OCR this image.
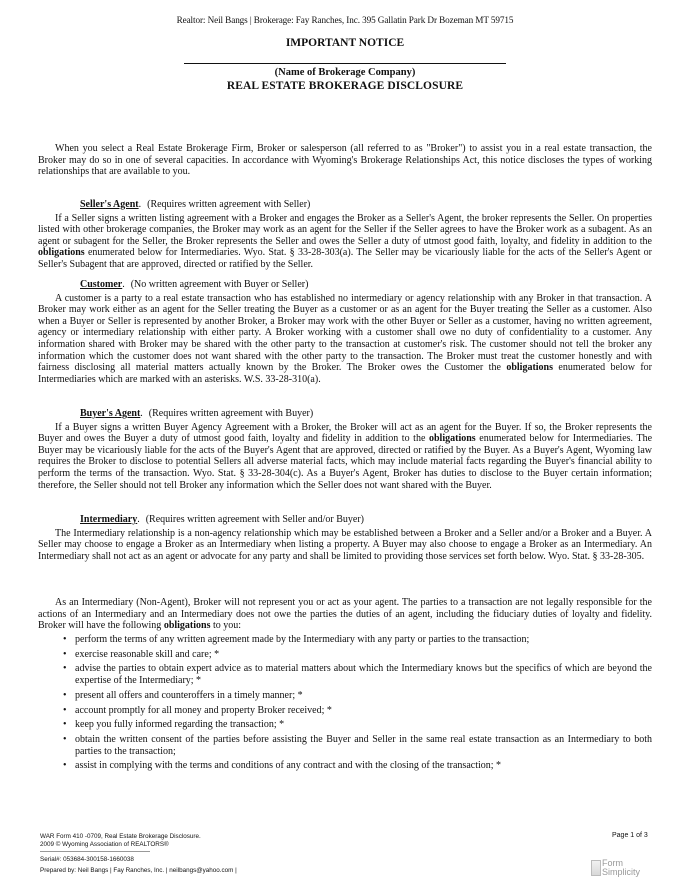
Realtor: Neil Bangs | Brokerage: Fay Ranches, Inc. 395 Gallatin Park Dr Bozeman MT 59715
IMPORTANT NOTICE
(Name of Brokerage Company)
REAL ESTATE BROKERAGE DISCLOSURE

When you select a Real Estate Brokerage Firm, Broker or salesperson (all referred to as "Broker") to assist you in a real estate transaction, the Broker may do so in one of several capacities. In accordance with Wyoming's Brokerage Relationships Act, this notice discloses the types of working relationships that are available to you.

Seller's Agent. (Requires written agreement with Seller)

If a Seller signs a written listing agreement with a Broker and engages the Broker as a Seller's Agent, the broker represents the Seller. On properties listed with other brokerage companies, the Broker may work as an agent for the Seller if the Seller agrees to have the Broker work as a subagent. As an agent or subagent for the Seller, the Broker represents the Seller and owes the Seller a duty of utmost good faith, loyalty, and fidelity in addition to the obligations enumerated below for Intermediaries. Wyo. Stat. § 33-28-303(a). The Seller may be vicariously liable for the acts of the Seller's Agent or Seller's Subagent that are approved, directed or ratified by the Seller.

Customer. (No written agreement with Buyer or Seller)

A customer is a party to a real estate transaction who has established no intermediary or agency relationship with any Broker in that transaction. A Broker may work either as an agent for the Seller treating the Buyer as a customer or as an agent for the Buyer treating the Seller as a customer. Also when a Buyer or Seller is represented by another Broker, a Broker may work with the other Buyer or Seller as a customer, having no written agreement, agency or intermediary relationship with either party. A Broker working with a customer shall owe no duty of confidentiality to a customer. Any information shared with Broker may be shared with the other party to the transaction at customer's risk. The customer should not tell the broker any information which the customer does not want shared with the other party to the transaction. The Broker must treat the customer honestly and with fairness disclosing all material matters actually known by the Broker. The Broker owes the Customer the obligations enumerated below for Intermediaries which are marked with an asterisks. W.S. 33-28-310(a).

Buyer's Agent. (Requires written agreement with Buyer)

If a Buyer signs a written Buyer Agency Agreement with a Broker, the Broker will act as an agent for the Buyer. If so, the Broker represents the Buyer and owes the Buyer a duty of utmost good faith, loyalty and fidelity in addition to the obligations enumerated below for Intermediaries. The Buyer may be vicariously liable for the acts of the Buyer's Agent that are approved, directed or ratified by the Buyer. As a Buyer's Agent, Wyoming law requires the Broker to disclose to potential Sellers all adverse material facts, which may include material facts regarding the Buyer's financial ability to perform the terms of the transaction. Wyo. Stat. § 33-28-304(c). As a Buyer's Agent, Broker has duties to disclose to the Buyer certain information; therefore, the Seller should not tell Broker any information which the Seller does not want shared with the Buyer.

Intermediary. (Requires written agreement with Seller and/or Buyer)

The Intermediary relationship is a non-agency relationship which may be established between a Broker and a Seller and/or a Broker and a Buyer. A Seller may choose to engage a Broker as an Intermediary when listing a property. A Buyer may also choose to engage a Broker as an Intermediary. An Intermediary shall not act as an agent or advocate for any party and shall be limited to providing those services set forth below. Wyo. Stat. § 33-28-305.

As an Intermediary (Non-Agent), Broker will not represent you or act as your agent. The parties to a transaction are not legally responsible for the actions of an Intermediary and an Intermediary does not owe the parties the duties of an agent, including the fiduciary duties of loyalty and fidelity. Broker will have the following obligations to you:

• perform the terms of any written agreement made by the Intermediary with any party or parties to the transaction;
• exercise reasonable skill and care; *
• advise the parties to obtain expert advice as to material matters about which the Intermediary knows but the specifics of which are beyond the expertise of the Intermediary; *
• present all offers and counteroffers in a timely manner; *
• account promptly for all money and property Broker received; *
• keep you fully informed regarding the transaction; *
• obtain the written consent of the parties before assisting the Buyer and Seller in the same real estate transaction as an Intermediary to both parties to the transaction;
• assist in complying with the terms and conditions of any contract and with the closing of the transaction; *
WAR Form 410 -0709, Real Estate Brokerage Disclosure.
2009 © Wyoming Association of REALTORS®
Serial#: 053684-300158-1660038
Prepared by: Neil Bangs | Fay Ranches, Inc. | neilbangs@yahoo.com |
Page 1 of 3
Form
Simplicity
